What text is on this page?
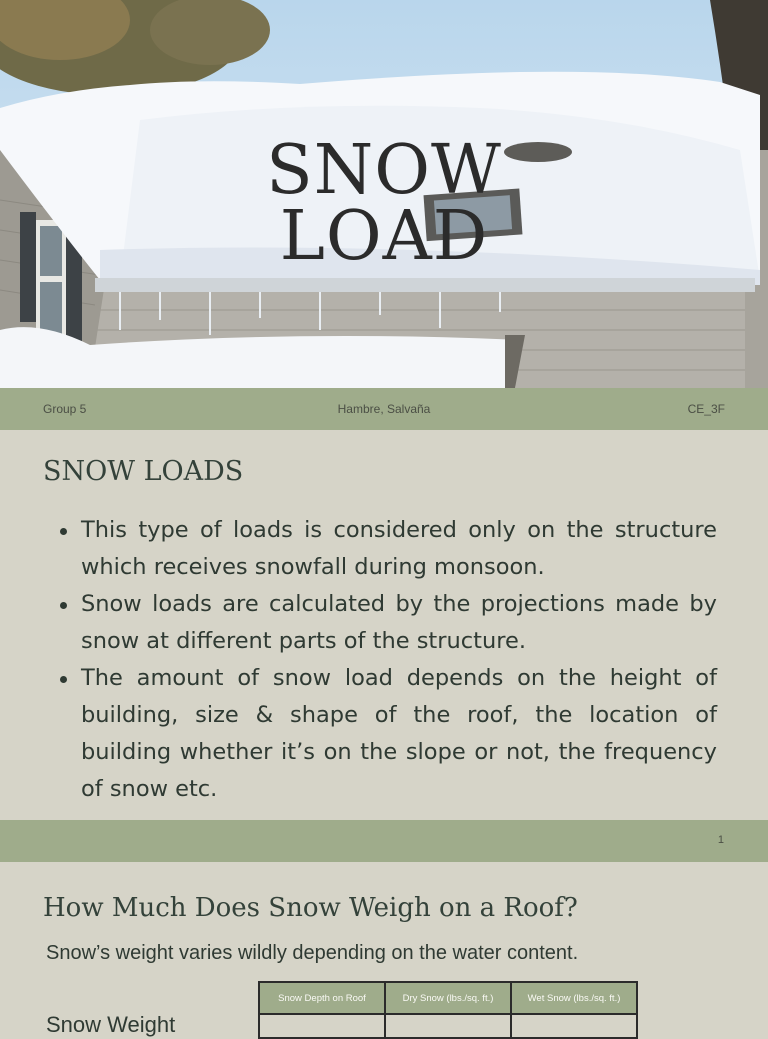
SNOW
LOAD
Group 5	Hambre, Salvaña	CE_3F
SNOW LOADS
This type of loads is considered only on the structure which receives snowfall during monsoon.
Snow loads are calculated by the projections made by snow at different parts of the structure.
The amount of snow load depends on the height of building, size & shape of the roof, the location of building whether it’s on the slope or not, the frequency of snow etc.
1
How Much Does Snow Weigh on a Roof?
Snow’s weight varies wildly depending on the water content.
Snow Weight
Snow Depth on Roof	Dry Snow (lbs./sq. ft.)	Wet Snow (lbs./sq. ft.)
